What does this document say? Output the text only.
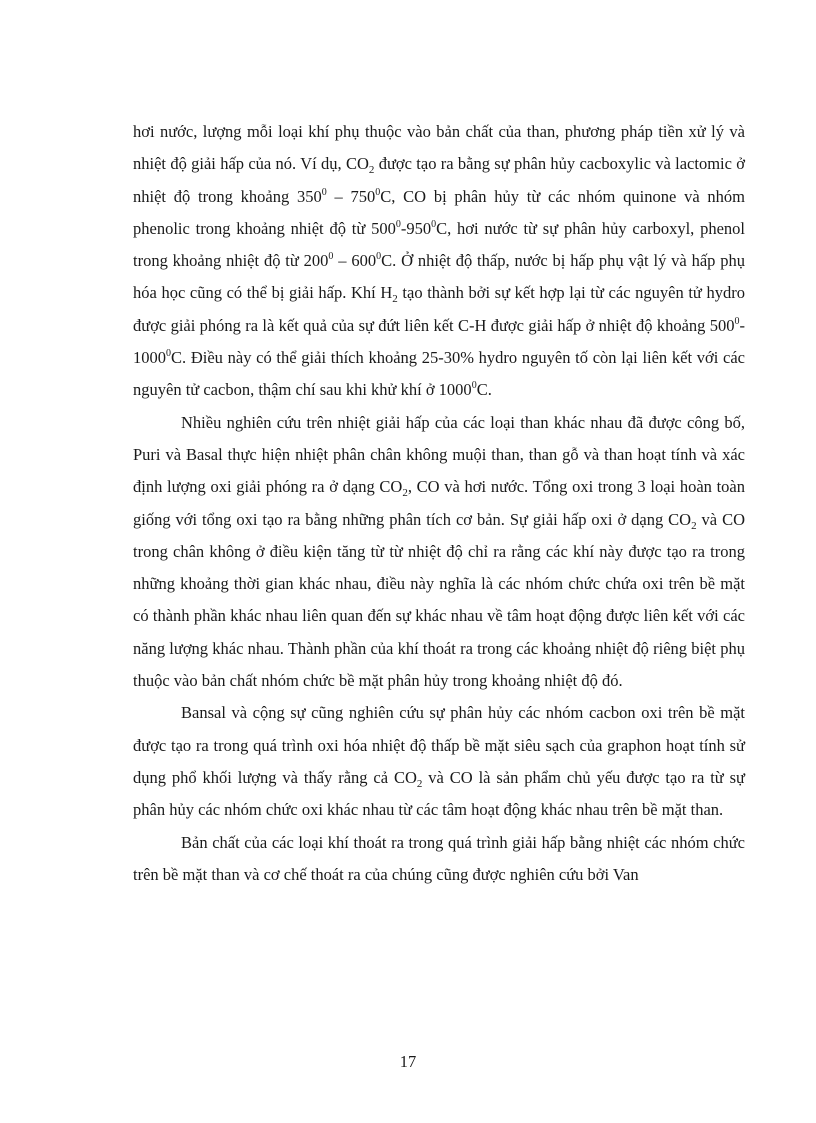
hơi nước, lượng mỗi loại khí phụ thuộc vào bản chất của than, phương pháp tiền xử lý và nhiệt độ giải hấp của nó. Ví dụ, $CO_2$ được tạo ra bằng sự phân hủy cacboxylic và lactomic ở nhiệt độ trong khoảng $350^0 - 750^0C$, CO bị phân hủy từ các nhóm quinone và nhóm phenolic trong khoảng nhiệt độ từ $500^0-950^0C$, hơi nước từ sự phân hủy carboxyl, phenol trong khoảng nhiệt độ từ $200^0 - 600^0C$. Ở nhiệt độ thấp, nước bị hấp phụ vật lý và hấp phụ hóa học cũng có thể bị giải hấp. Khí $H_2$ tạo thành bởi sự kết hợp lại từ các nguyên tử hydro được giải phóng ra là kết quả của sự đứt liên kết C-H được giải hấp ở nhiệt độ khoảng $500^0-1000^0C$. Điều này có thể giải thích khoảng 25-30% hydro nguyên tố còn lại liên kết với các nguyên tử cacbon, thậm chí sau khi khử khí ở 1000$^0$C.

Nhiều nghiên cứu trên nhiệt giải hấp của các loại than khác nhau đã được công bố, Puri và Basal thực hiện nhiệt phân chân không muội than, than gỗ và than hoạt tính và xác định lượng oxi giải phóng ra ở dạng $CO_2$, CO và hơi nước. Tổng oxi trong 3 loại hoàn toàn giống với tổng oxi tạo ra bằng những phân tích cơ bản. Sự giải hấp oxi ở dạng $CO_2$ và CO trong chân không ở điều kiện tăng từ từ nhiệt độ chỉ ra rằng các khí này được tạo ra trong những khoảng thời gian khác nhau, điều này nghĩa là các nhóm chức chứa oxi trên bề mặt có thành phần khác nhau liên quan đến sự khác nhau về tâm hoạt động được liên kết với các năng lượng khác nhau. Thành phần của khí thoát ra trong các khoảng nhiệt độ riêng biệt phụ thuộc vào bản chất nhóm chức bề mặt phân hủy trong khoảng nhiệt độ đó.

Bansal và cộng sự cũng nghiên cứu sự phân hủy các nhóm cacbon oxi trên bề mặt được tạo ra trong quá trình oxi hóa nhiệt độ thấp bề mặt siêu sạch của graphon hoạt tính sử dụng phổ khối lượng và thấy rằng cả $CO_2$ và CO là sản phẩm chủ yếu được tạo ra từ sự phân hủy các nhóm chức oxi khác nhau từ các tâm hoạt động khác nhau trên bề mặt than.

Bản chất của các loại khí thoát ra trong quá trình giải hấp bằng nhiệt các nhóm chức trên bề mặt than và cơ chế thoát ra của chúng cũng được nghiên cứu bởi Van

17
